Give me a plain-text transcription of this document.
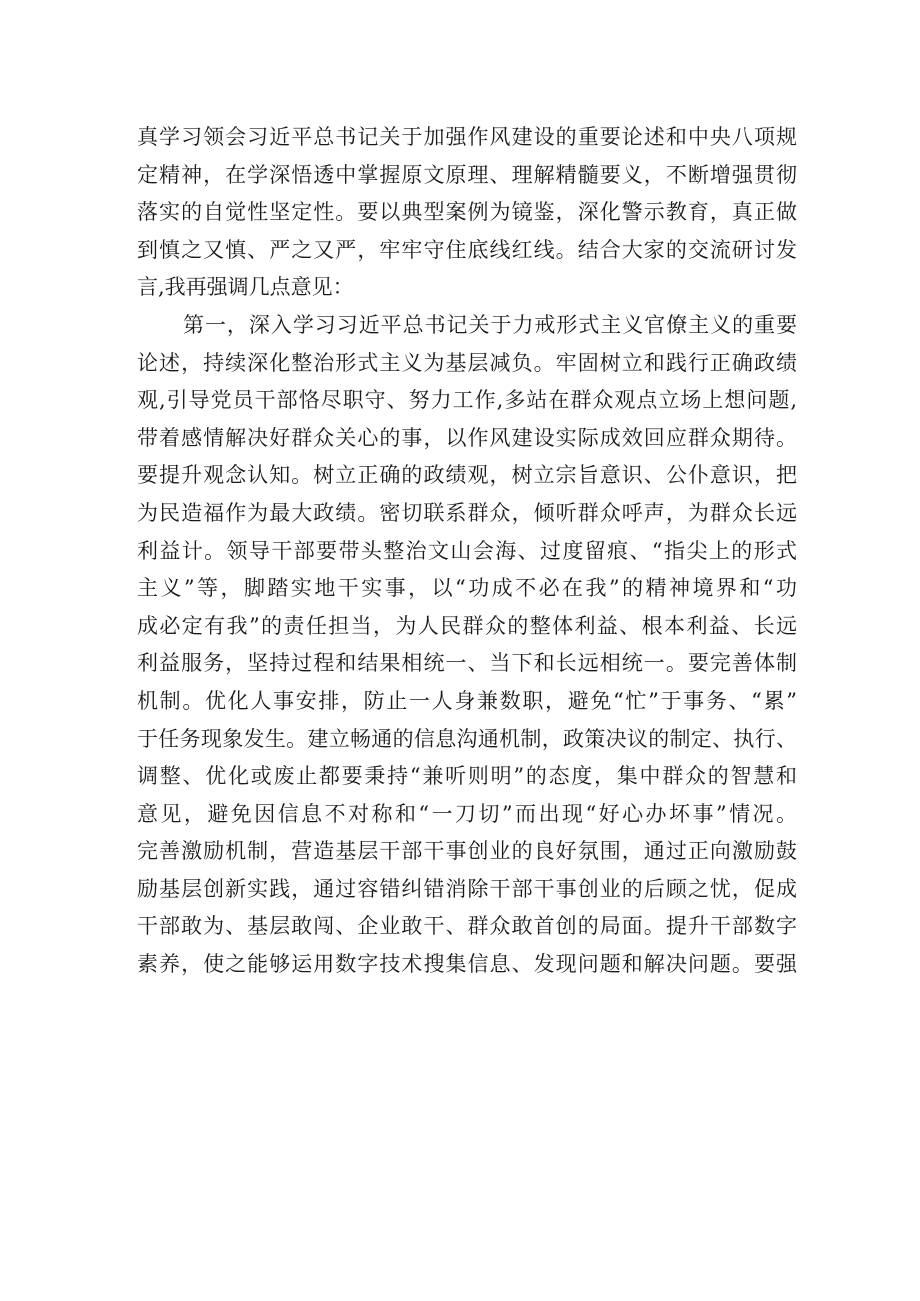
真学习领会习近平总书记关于加强作风建设的重要论述和中央八项规
定精神，在学深悟透中掌握原文原理、理解精髓要义，不断增强贯彻
落实的自觉性坚定性。要以典型案例为镜鉴，深化警示教育，真正做
到慎之又慎、严之又严，牢牢守住底线红线。结合大家的交流研讨发
言,我再强调几点意见：
第一，深入学习习近平总书记关于力戒形式主义官僚主义的重要
论述，持续深化整治形式主义为基层减负。牢固树立和践行正确政绩
观,引导党员干部恪尽职守、努力工作,多站在群众观点立场上想问题,
带着感情解决好群众关心的事，以作风建设实际成效回应群众期待。
要提升观念认知。树立正确的政绩观，树立宗旨意识、公仆意识，把
为民造福作为最大政绩。密切联系群众，倾听群众呼声，为群众长远
利益计。领导干部要带头整治文山会海、过度留痕、“指尖上的形式
主义”等，脚踏实地干实事，以“功成不必在我”的精神境界和“功
成必定有我”的责任担当，为人民群众的整体利益、根本利益、长远
利益服务，坚持过程和结果相统一、当下和长远相统一。要完善体制
机制。优化人事安排，防止一人身兼数职，避免“忙”于事务、“累”
于任务现象发生。建立畅通的信息沟通机制，政策决议的制定、执行、
调整、优化或废止都要秉持“兼听则明”的态度，集中群众的智慧和
意见，避免因信息不对称和“一刀切”而出现“好心办坏事”情况。
完善激励机制，营造基层干部干事创业的良好氛围，通过正向激励鼓
励基层创新实践，通过容错纠错消除干部干事创业的后顾之忧，促成
干部敢为、基层敢闯、企业敢干、群众敢首创的局面。提升干部数字
素养，使之能够运用数字技术搜集信息、发现问题和解决问题。要强
